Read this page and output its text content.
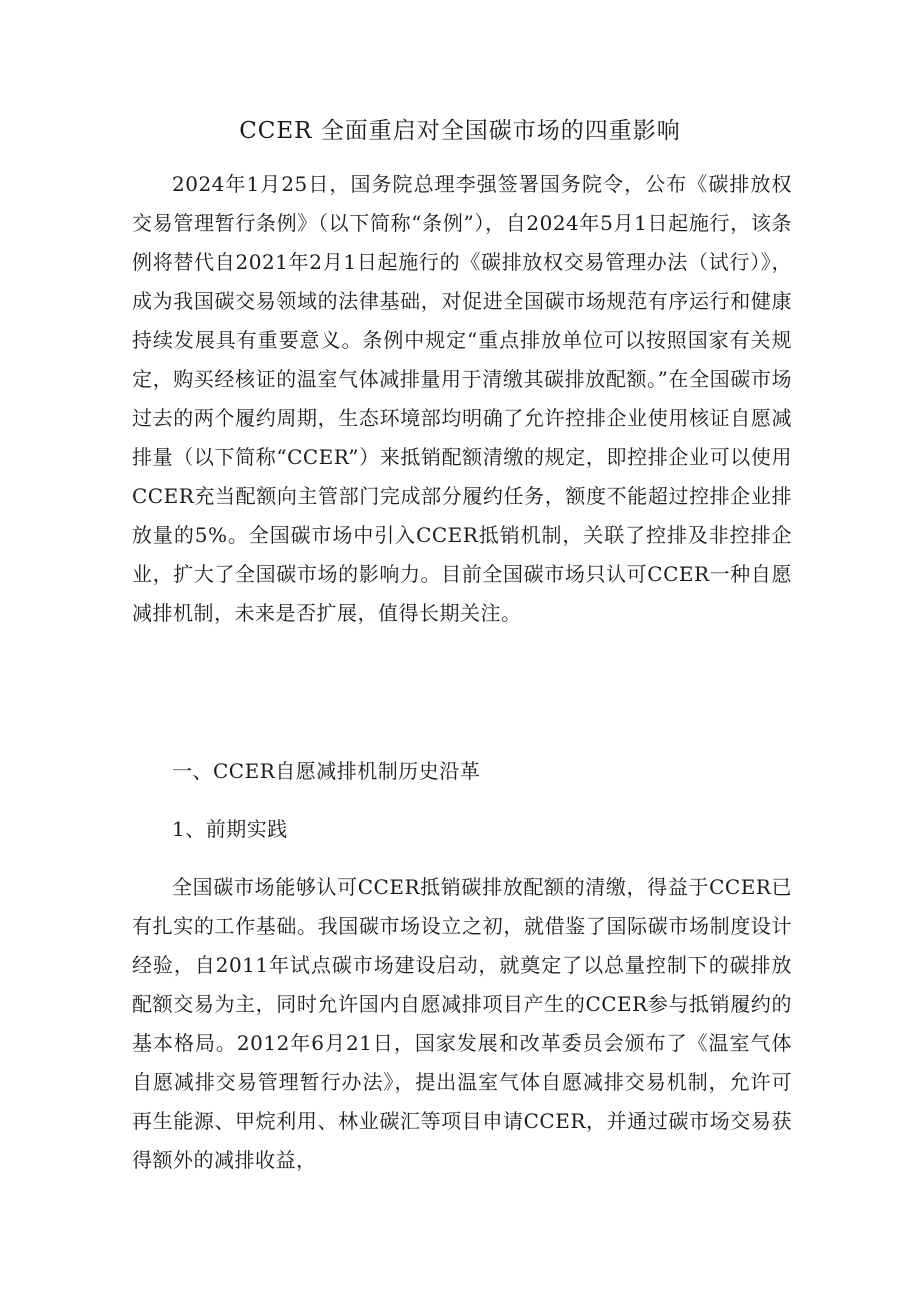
CCER 全面重启对全国碳市场的四重影响

2024年1月25日，国务院总理李强签署国务院令，公布《碳排放权交易管理暂行条例》（以下简称“条例”），自2024年5月1日起施行，该条例将替代自2021年2月1日起施行的《碳排放权交易管理办法（试行）》，成为我国碳交易领域的法律基础，对促进全国碳市场规范有序运行和健康持续发展具有重要意义。条例中规定“重点排放单位可以按照国家有关规定，购买经核证的温室气体减排量用于清缴其碳排放配额。”在全国碳市场过去的两个履约周期，生态环境部均明确了允许控排企业使用核证自愿减排量（以下简称“CCER”）来抵销配额清缴的规定，即控排企业可以使用CCER充当配额向主管部门完成部分履约任务，额度不能超过控排企业排放量的5%。全国碳市场中引入CCER抵销机制，关联了控排及非控排企业，扩大了全国碳市场的影响力。目前全国碳市场只认可CCER一种自愿减排机制，未来是否扩展，值得长期关注。

一、CCER自愿减排机制历史沿革

1、前期实践

全国碳市场能够认可CCER抵销碳排放配额的清缴，得益于CCER已有扎实的工作基础。我国碳市场设立之初，就借鉴了国际碳市场制度设计经验，自2011年试点碳市场建设启动，就奠定了以总量控制下的碳排放配额交易为主，同时允许国内自愿减排项目产生的CCER参与抵销履约的基本格局。2012年6月21日，国家发展和改革委员会颁布了《温室气体自愿减排交易管理暂行办法》，提出温室气体自愿减排交易机制，允许可再生能源、甲烷利用、林业碳汇等项目申请CCER，并通过碳市场交易获得额外的减排收益，
